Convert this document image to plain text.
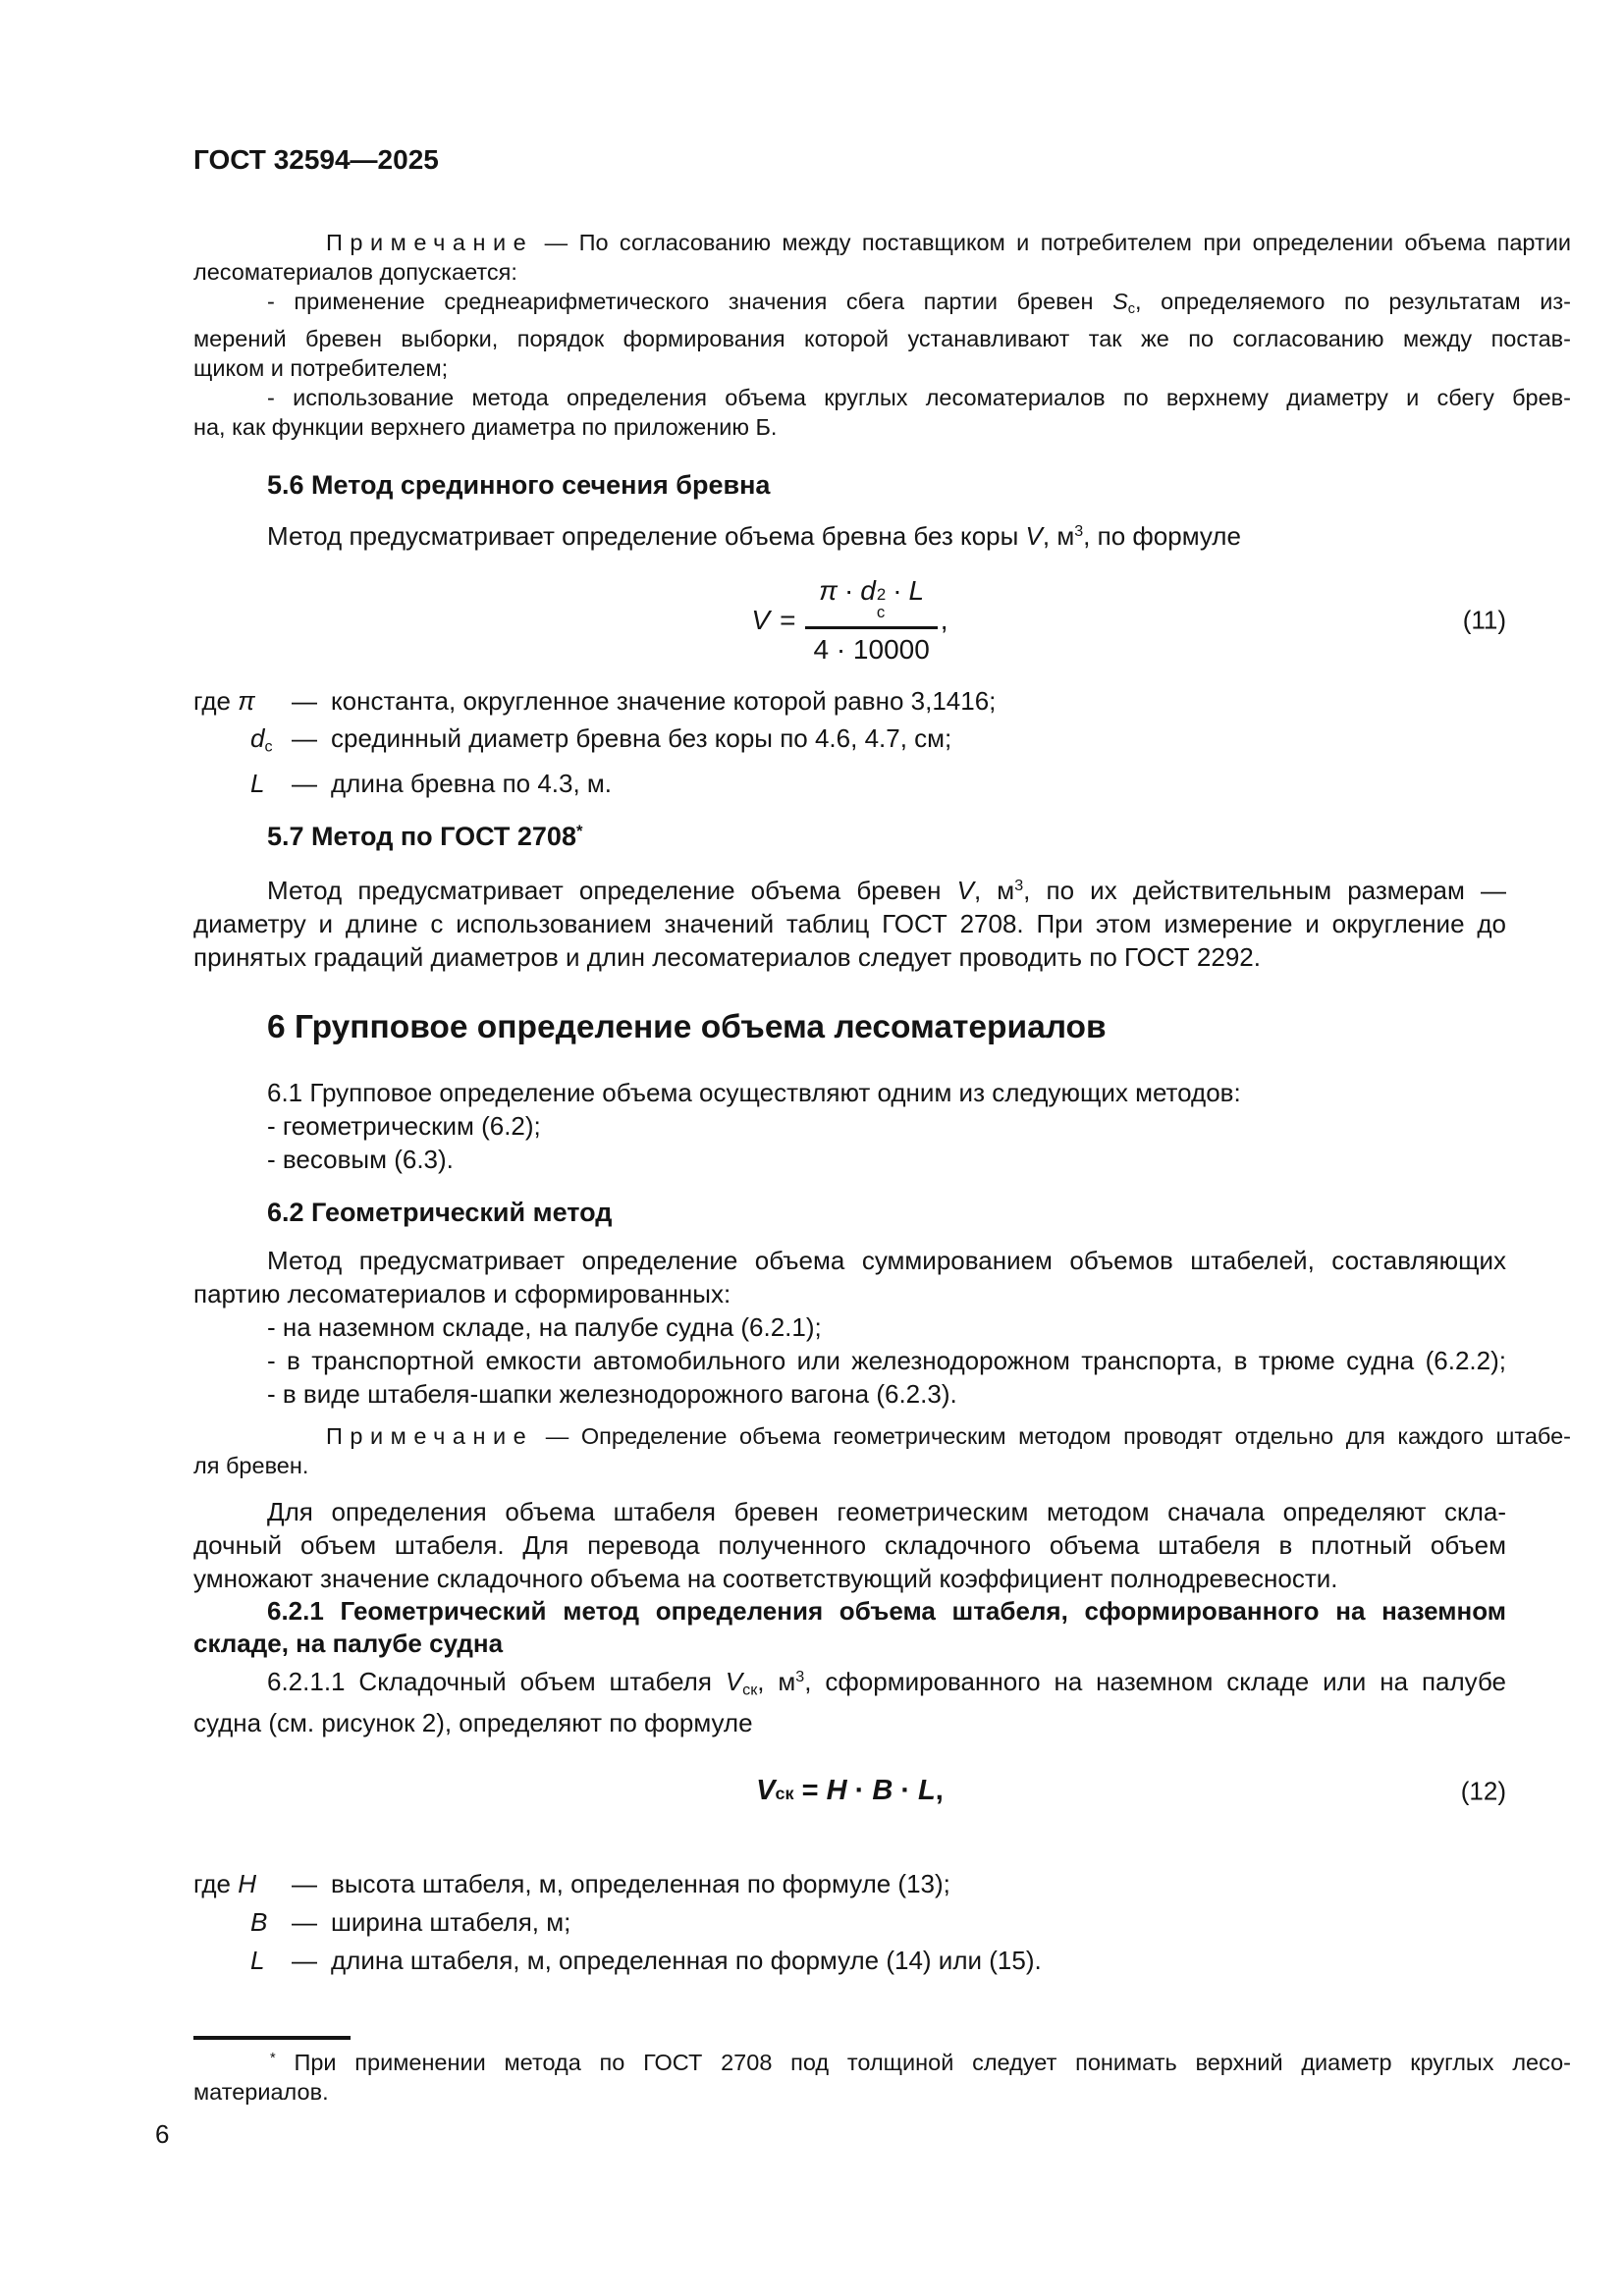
ГОСТ 32594—2025
Примечание — По согласованию между поставщиком и потребителем при определении объема партии
лесоматериалов допускается:
- применение среднеарифметического значения сбега партии бревен Sс, определяемого по результатам из-
мерений бревен выборки, порядок формирования которой устанавливают так же по согласованию между постав-
щиком и потребителем;
- использование метода определения объема круглых лесоматериалов по верхнему диаметру и сбегу брев-
на, как функции верхнего диаметра по приложению Б.
5.6 Метод срединного сечения бревна
Метод предусматривает определение объема бревна без коры V, $м^3$, по формуле
V = π · d 2
с
· L
4 · 10000 ,	(11)
где π	— константа, округленное значение которой равно 3,1416;
dс — срединный диаметр бревна без коры по 4.6, 4.7, см;
L	— длина бревна по 4.3, м.
5.7 Метод по ГОСТ 2708*
Метод предусматривает определение объема бревен V, $м^3$, по их действительным размерам —
диаметру и длине с использованием значений таблиц ГОСТ 2708. При этом измерение и округление до
принятых градаций диаметров и длин лесоматериалов следует проводить по ГОСТ 2292.
6 Групповое определение объема лесоматериалов
6.1 Групповое определение объема осуществляют одним из следующих методов:
- геометрическим (6.2);
- весовым (6.3).
6.2 Геометрический метод
Метод предусматривает определение объема суммированием объемов штабелей, составляющих
партию лесоматериалов и сформированных:
- на наземном складе, на палубе судна (6.2.1);
- в транспортной емкости автомобильного или железнодорожном транспорта, в трюме судна (6.2.2);
- в виде штабеля-шапки железнодорожного вагона (6.2.3).
Примечание — Определение объема геометрическим методом проводят отдельно для каждого штабе-
ля бревен.
Для определения объема штабеля бревен геометрическим методом сначала определяют скла-
дочный объем штабеля. Для перевода полученного складочного объема штабеля в плотный объем
умножают значение складочного объема на соответствующий коэффициент полнодревесности.
6.2.1 Геометрический метод определения объема штабеля, сформированного на наземном
складе, на палубе судна
6.2.1.1 Складочный объем штабеля Vск, $м^3$, сформированного на наземном складе или на палубе
судна (см. рисунок 2), определяют по формуле
V ск = H · B · L ,	(12)
где H	— высота штабеля, м, определенная по формуле (13);
B — ширина штабеля, м;
L	— длина штабеля, м, определенная по формуле (14) или (15).
* При применении метода по ГОСТ 2708 под толщиной следует понимать верхний диаметр круглых лесо-
материалов.
6
